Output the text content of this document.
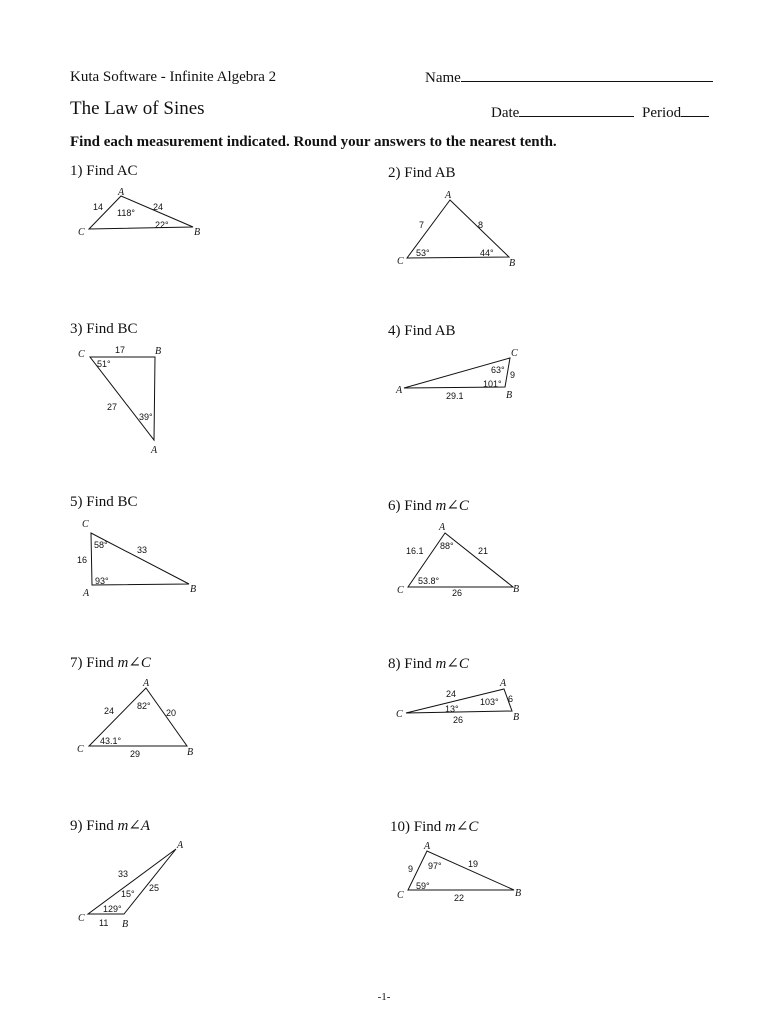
Kuta Software - Infinite Algebra 2	Name
The Law of Sines	Date	Period
Find each measurement indicated. Round your answers to the nearest tenth.
1) Find AC	2) Find AB
3) Find BC	4) Find AB
5) Find BC	6) Find m∠C
7) Find m∠C	8) Find m∠C
9) Find m∠A	10) Find m∠C
A
B
C
14	24
118°
22°
A
B
C
7	8
53°	44°
C	B
A
17
27
51°
39°
A	B
C
29.1
9
63°
101°
C
A	B
16
33
58°
93°
A
B
C
16.1	21
26
88°
53.8°
A
B
C
24	20
29
82°
43.1°
A
B
C
24	6
26
103°
13°
A
B
C
33
25
11
15°
129°
A
B
C
9	19
22
97°
59°
-1-
